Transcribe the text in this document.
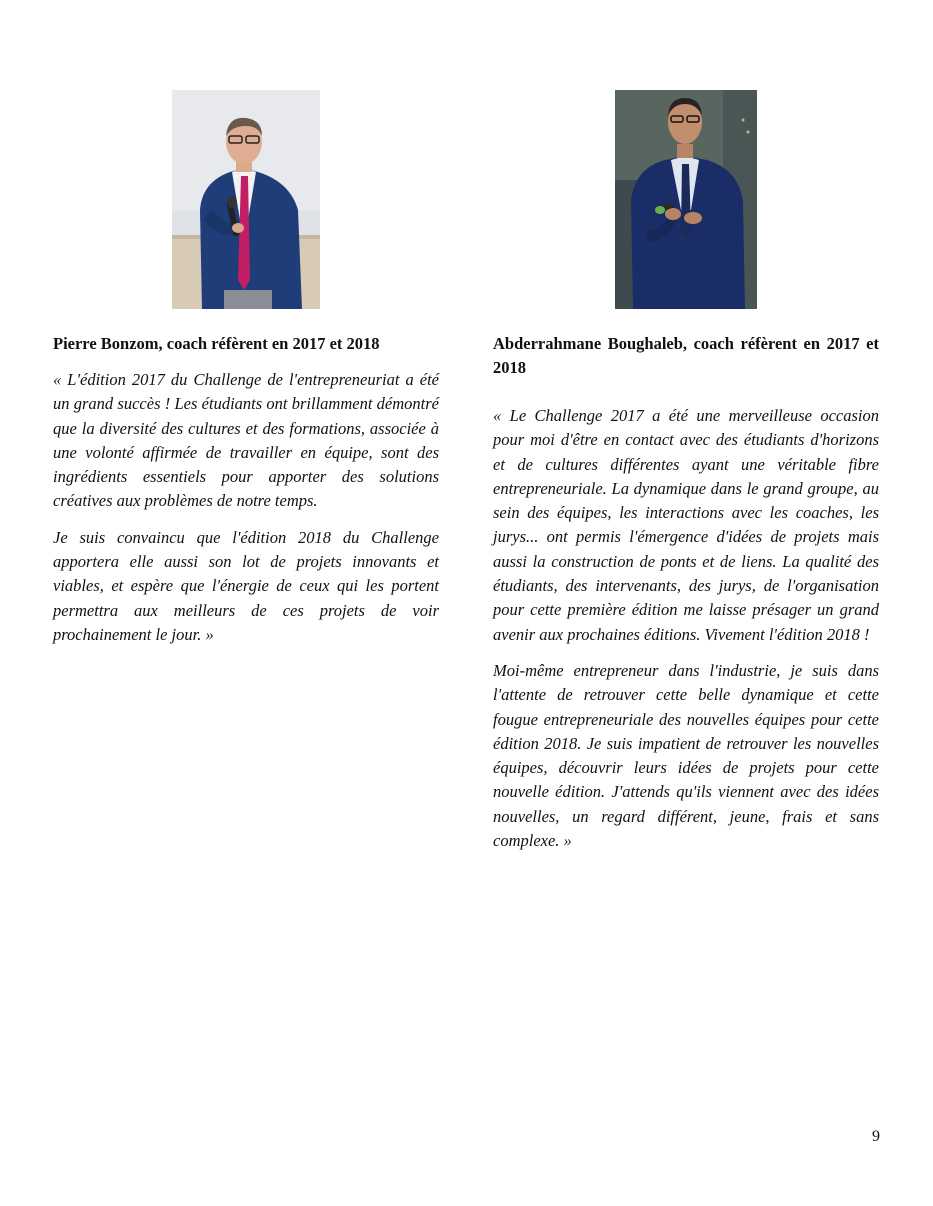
Pierre Bonzom, coach réfèrent en 2017 et 2018

« L'édition 2017 du Challenge de l'entrepreneuriat a été un grand succès ! Les étudiants ont brillamment démontré que la diversité des cultures et des formations, associée à une volonté affirmée de travailler en équipe, sont des ingrédients essentiels pour apporter des solutions créatives aux problèmes de notre temps.

Je suis convaincu que l'édition 2018 du Challenge apportera elle aussi son lot de projets innovants et viables, et espère que l'énergie de ceux qui les portent permettra aux meilleurs de ces projets de voir prochainement le jour. »

Abderrahmane Boughaleb, coach réfèrent en 2017 et 2018

« Le Challenge 2017 a été une merveilleuse occasion pour moi d'être en contact avec des étudiants d'horizons et de cultures différentes ayant une véritable fibre entrepreneuriale. La dynamique dans le grand groupe, au sein des équipes, les interactions avec les coaches, les jurys... ont permis l'émergence d'idées de projets mais aussi la construction de ponts et de liens. La qualité des étudiants, des intervenants, des jurys, de l'organisation pour cette première édition me laisse présager un grand avenir aux prochaines éditions. Vivement l'édition 2018 !

Moi-même entrepreneur dans l'industrie, je suis dans l'attente de retrouver cette belle dynamique et cette fougue entrepreneuriale des nouvelles équipes pour cette édition 2018. Je suis impatient de retrouver les nouvelles équipes, découvrir leurs idées de projets pour cette nouvelle édition. J'attends qu'ils viennent avec des idées nouvelles, un regard différent, jeune, frais et sans complexe. »

9
